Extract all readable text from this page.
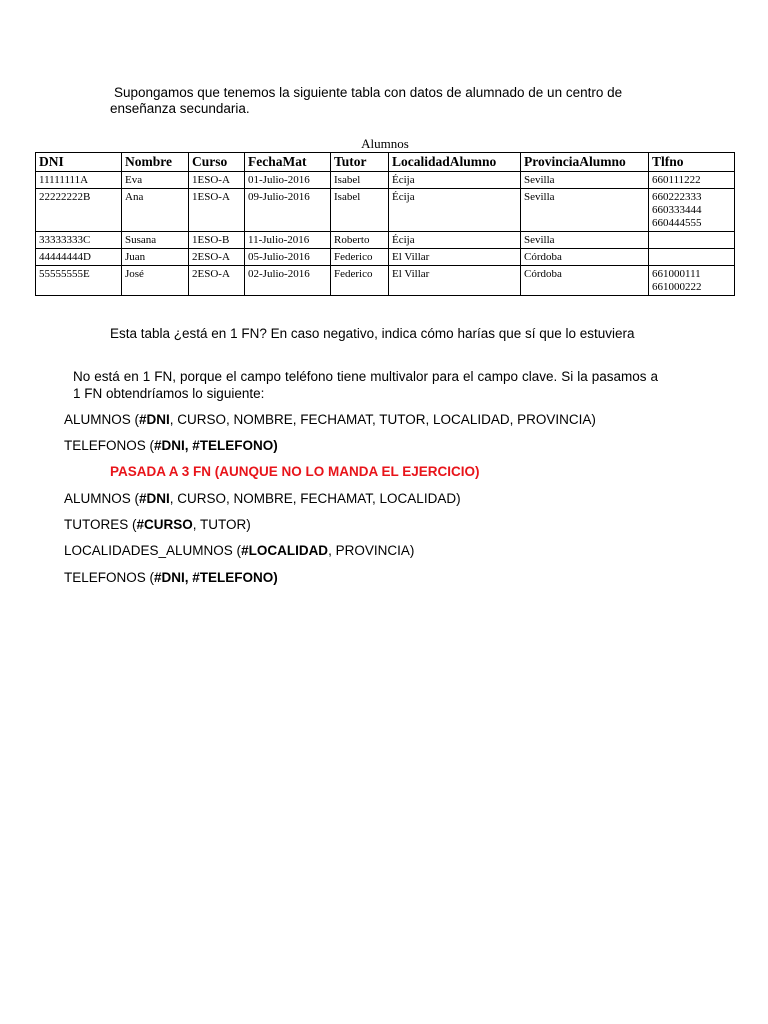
Supongamos que tenemos la siguiente tabla con datos de alumnado de un centro de
enseñanza secundaria.
Alumnos
DNI	Nombre	Curso	FechaMat	Tutor	LocalidadAlumno	ProvinciaAlumno	Tlfno
11111111A	Eva	1ESO-A	01-Julio-2016	Isabel	Écija	Sevilla	660111222
22222222B	Ana	1ESO-A	09-Julio-2016	Isabel	Écija	Sevilla	660222333
660333444
660444555
33333333C	Susana	1ESO-B	11-Julio-2016	Roberto	Écija	Sevilla	
44444444D	Juan	2ESO-A	05-Julio-2016	Federico	El Villar	Córdoba	
55555555E	José	2ESO-A	02-Julio-2016	Federico	El Villar	Córdoba	661000111
661000222
Esta tabla ¿está en 1 FN? En caso negativo, indica cómo harías que sí que lo estuviera
No está en 1 FN, porque el campo teléfono tiene multivalor para el campo clave. Si la pasamos a 1 FN obtendríamos lo siguiente:
ALUMNOS (#DNI, CURSO, NOMBRE, FECHAMAT, TUTOR, LOCALIDAD, PROVINCIA)
TELEFONOS (#DNI, #TELEFONO)
PASADA A 3 FN (AUNQUE NO LO MANDA EL EJERCICIO)
ALUMNOS (#DNI, CURSO, NOMBRE, FECHAMAT, LOCALIDAD)
TUTORES (#CURSO, TUTOR)
LOCALIDADES_ALUMNOS (#LOCALIDAD, PROVINCIA)
TELEFONOS (#DNI, #TELEFONO)
